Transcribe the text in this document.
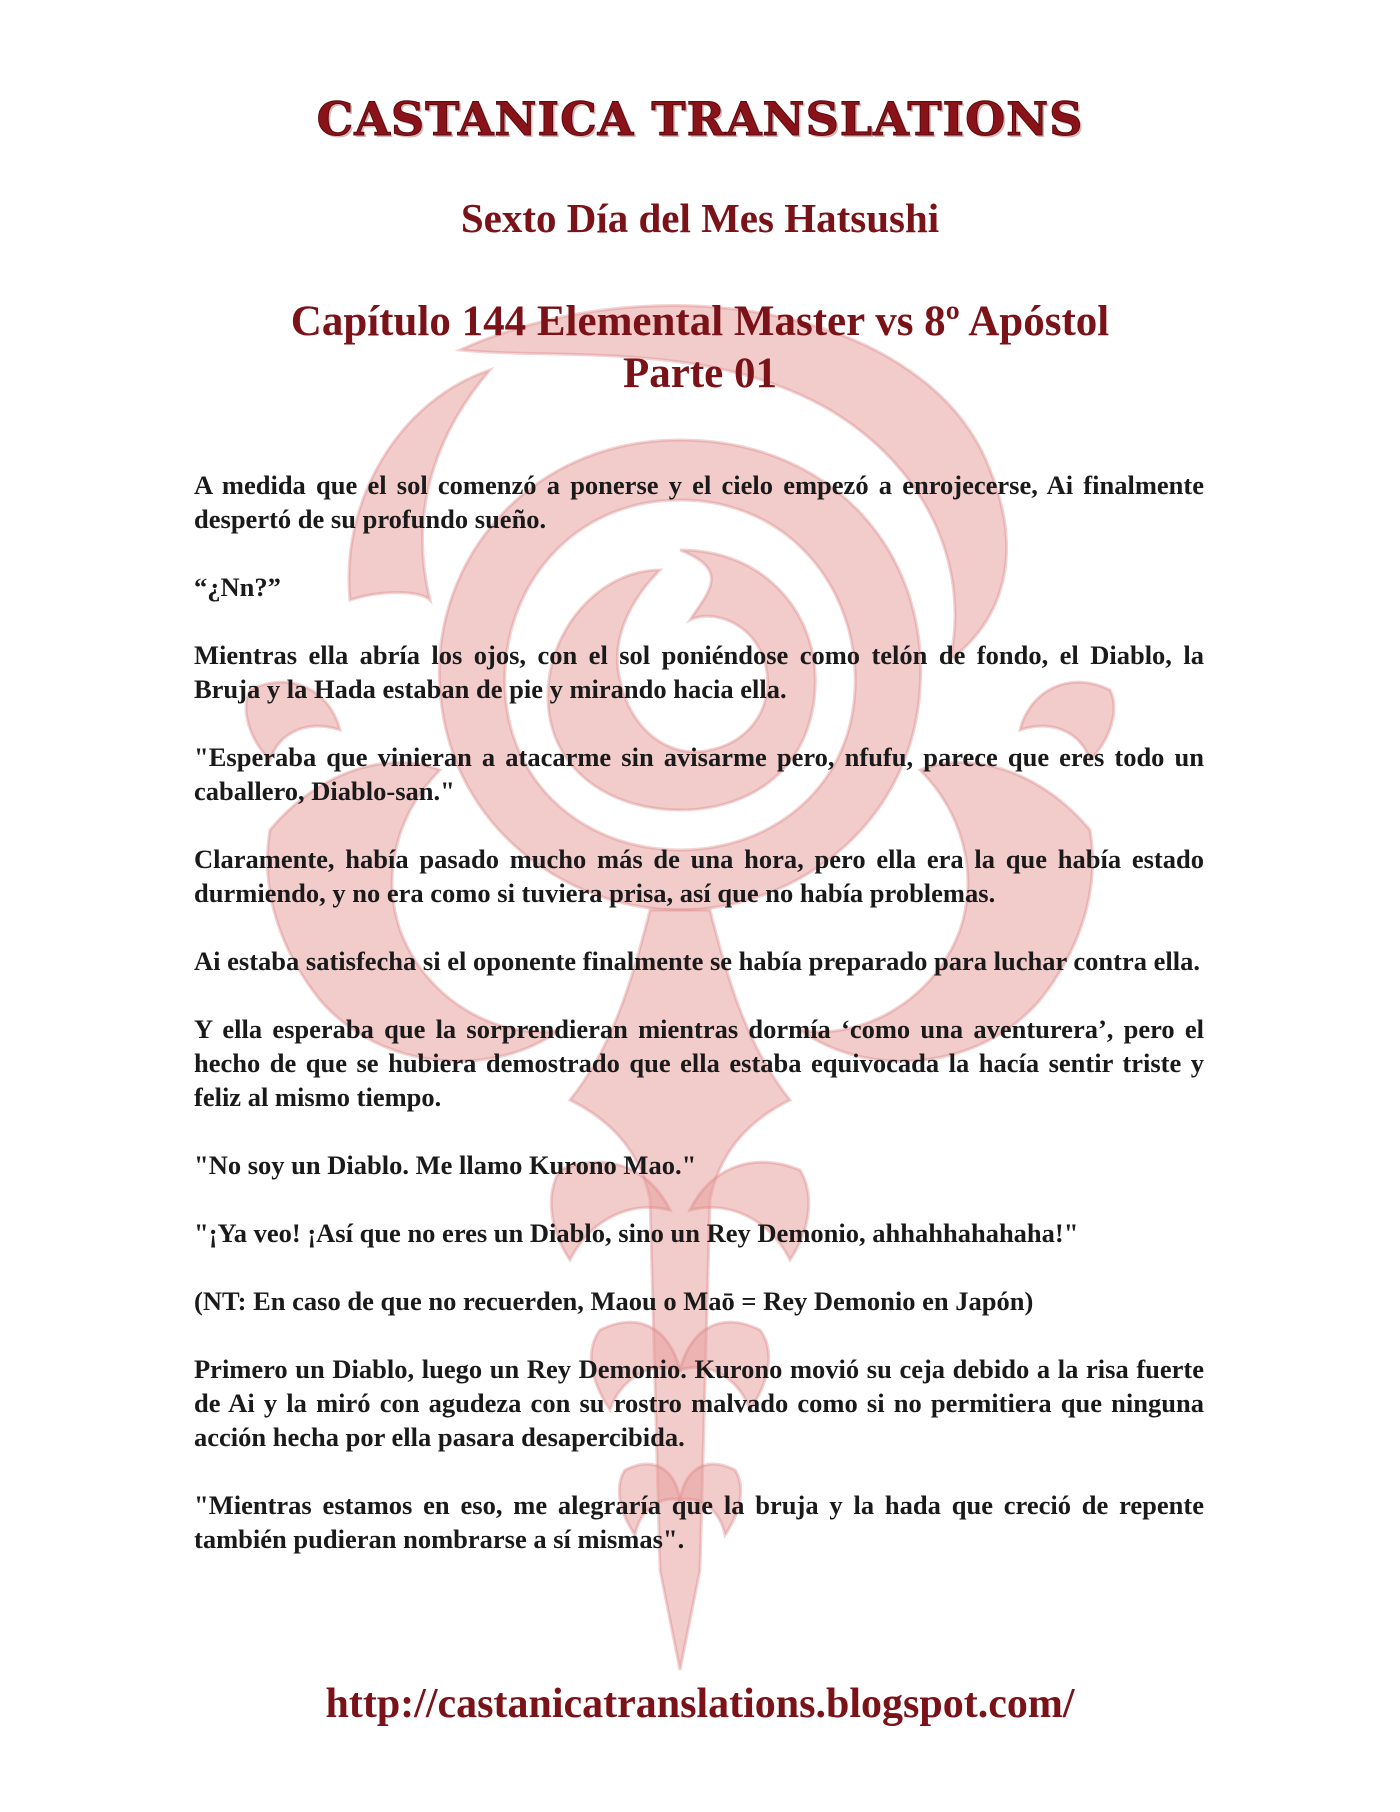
CASTANICA TRANSLATIONS
Sexto Día del Mes Hatsushi
Capítulo 144 Elemental Master vs 8º Apóstol
Parte 01

A medida que el sol comenzó a ponerse y el cielo empezó a enrojecerse, Ai finalmente despertó de su profundo sueño.

“¿Nn?”

Mientras ella abría los ojos, con el sol poniéndose como telón de fondo, el Diablo, la Bruja y la Hada estaban de pie y mirando hacia ella.

"Esperaba que vinieran a atacarme sin avisarme pero, nfufu, parece que eres todo un caballero, Diablo-san."

Claramente, había pasado mucho más de una hora, pero ella era la que había estado durmiendo, y no era como si tuviera prisa, así que no había problemas.

Ai estaba satisfecha si el oponente finalmente se había preparado para luchar contra ella.

Y ella esperaba que la sorprendieran mientras dormía ‘como una aventurera’, pero el hecho de que se hubiera demostrado que ella estaba equivocada la hacía sentir triste y feliz al mismo tiempo.

"No soy un Diablo. Me llamo Kurono Mao."

"¡Ya veo! ¡Así que no eres un Diablo, sino un Rey Demonio, ahhahhahahaha!"

(NT: En caso de que no recuerden, Maou o Maō = Rey Demonio en Japón)

Primero un Diablo, luego un Rey Demonio. Kurono movió su ceja debido a la risa fuerte de Ai y la miró con agudeza con su rostro malvado como si no permitiera que ninguna acción hecha por ella pasara desapercibida.

"Mientras estamos en eso, me alegraría que la bruja y la hada que creció de repente también pudieran nombrarse a sí mismas".

http://castanicatranslations.blogspot.com/
